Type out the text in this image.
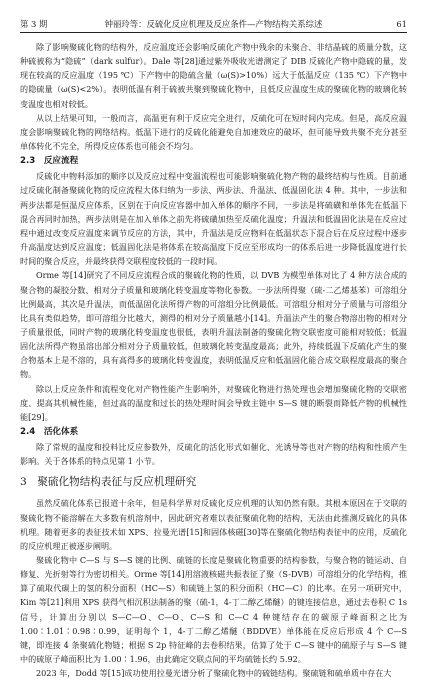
第 3 期	钟丽玲等：反硫化反应机理及反应条件—产物结构关系综述	61

除了影响聚硫化物的结构外，反应温度还会影响反硫化产物中残余的未聚合、非结晶硫的质量分数，这种硫被称为“隐硫”（dark sulfur）。Dale 等[28]通过紫外吸收光谱测定了 DIB 反硫化产物中隐硫的量，发现在较高的反应温度（195 ℃）下产物中的隐硫含量（ω(S)>10%）远大于低温反应（135 ℃）下产物中的隐硫量（ω(S)<2%）。表明低温有利于硫被共聚到聚硫化物中，且低反应温度生成的聚硫化物的玻璃化转变温度也相对较低。

从以上结果可知，一般而言，高温更有利于反应完全进行，反硫化可在短时间内完成。但是，高反应温度会影响聚硫化物的网络结构。低温下进行的反硫化能避免自加速效应的破坏，但可能导致共聚不充分甚至单体转化不完全，所得反应体系也可能会不均匀。

2.3　反应流程

反硫化中物料添加的顺序以及反应过程中变温流程也可能影响聚硫化物产物的最终结构与性质。目前通过反硫化制备聚硫化物的反应流程大体归纳为一步法、两步法、升温法、低温固化法 4 种。其中，一步法和两步法都是恒温反应体系，区别在于向反应容器中加入单体的顺序不同，一步法是将硫磺和单体先在低温下混合再同时加热，两步法则是在加入单体之前先将硫磺加热至反硫化温度；升温法和低温固化法是在反应过程中通过改变反应温度来调节反应的方法，其中，升温法是反应物料在低温状态下混合后在反应过程中逐步升高温度达到反应温度；低温固化法是将体系在较高温度下反应至形成均一的体系后进一步降低温度进行长时间的聚合反应，并最终获得交联程度较低的一段时间。

Orme 等[14]研究了不同反应流程合成的聚硫化物的性质，以 DVB 为模型单体对比了 4 种方法合成的聚合物的凝胶分数、相对分子质量和玻璃化转变温度等物化参数。一步法所得聚（硫-二乙烯基苯）可溶组分比例最高，其次是升温法，而低温固化法所得产物的可溶组分比例最低。可溶组分相对分子质量与可溶组分比具有类似趋势，即可溶组分比越大，测得的相对分子质量越小[14]。升温法产生的聚合物溶出物的相对分子质量很低，同时产物的玻璃化转变温度也很低，表明升温法制备的聚硫化物交联密度可能相对较低；低温固化法所得产物虽溶出部分相对分子质量较低，但玻璃化转变温度最高；此外，持续低温下反硫化产生的聚合物基本上是不溶的，具有高得多的玻璃化转变温度，表明低温反应和低温固化能合成交联程度最高的聚合物。

除以上反应条件和流程变化对产物性能产生影响外，对聚硫化物进行热处理也会增加聚硫化物的交联密度、提高其机械性能，但过高的温度和过长的热处理时间会导致主链中 S—S 键的断裂而降低产物的机械性能[29]。

2.4　活化体系

除了常规的温度和投料比反应参数外，反硫化的活化形式如催化、光诱导等也对产物的结构和性质产生影响。关于各体系的特点见第 1 小节。

3　聚硫化物结构表征与反应机理研究

虽然反硫化体系已报道十余年，但是科学界对反硫化反应机理的认知仍然有限。其根本原因在于交联的聚硫化物不能溶解在大多数有机溶剂中，因此研究者难以表征聚硫化物的结构，无法由此推测反硫化的具体机理。随着更多的表征技术如 XPS、拉曼光谱[15]和固体核磁[30]等在聚硫化物结构表征中的应用，反硫化的反应机理正被逐步阐明。

聚硫化物中 C—S 与 S—S 键的比例、硫链的长度是聚硫化物重要的结构参数，与聚合物的链运动、自修复、光折射等行为密切相关。Orme 等[14]用溶液核磁共振表征了聚（S-DVB）可溶组分的化学结构，推算了硫取代碳上的氢的积分面积（HC—S）和硫链上氢的积分面积（HC—C）的比率。在另一项研究中，Kim 等[21]利用 XPS 获得气相沉积法制备的聚（硫-1，4-丁二醇乙烯醚）的键连接信息，通过去卷积 C 1s 信号，计算出分别以 S—C—O、C—O、C—S 和 C—C 4 种键结存在的碳原子峰面积之比为 1.00∶1.01∶0.98∶0.99，证明每个 1，4-丁二醇乙烯醚（BDDVE）单体能在反应后形成 4 个 C—S 键，即连接 4 条聚硫化物链；根据 S 2p 特征峰的去卷积结果，估算了处于 C—S 键中的硫原子与 S—S 键中的硫原子峰面积比为 1.00∶1.96，由此确定交联点间的平均硫链长约 5.92。

2023 年，Dodd 等[15]成功使用拉曼光谱分析了聚硫化物中的硫链结构。聚硫链和硫单质中存在大
